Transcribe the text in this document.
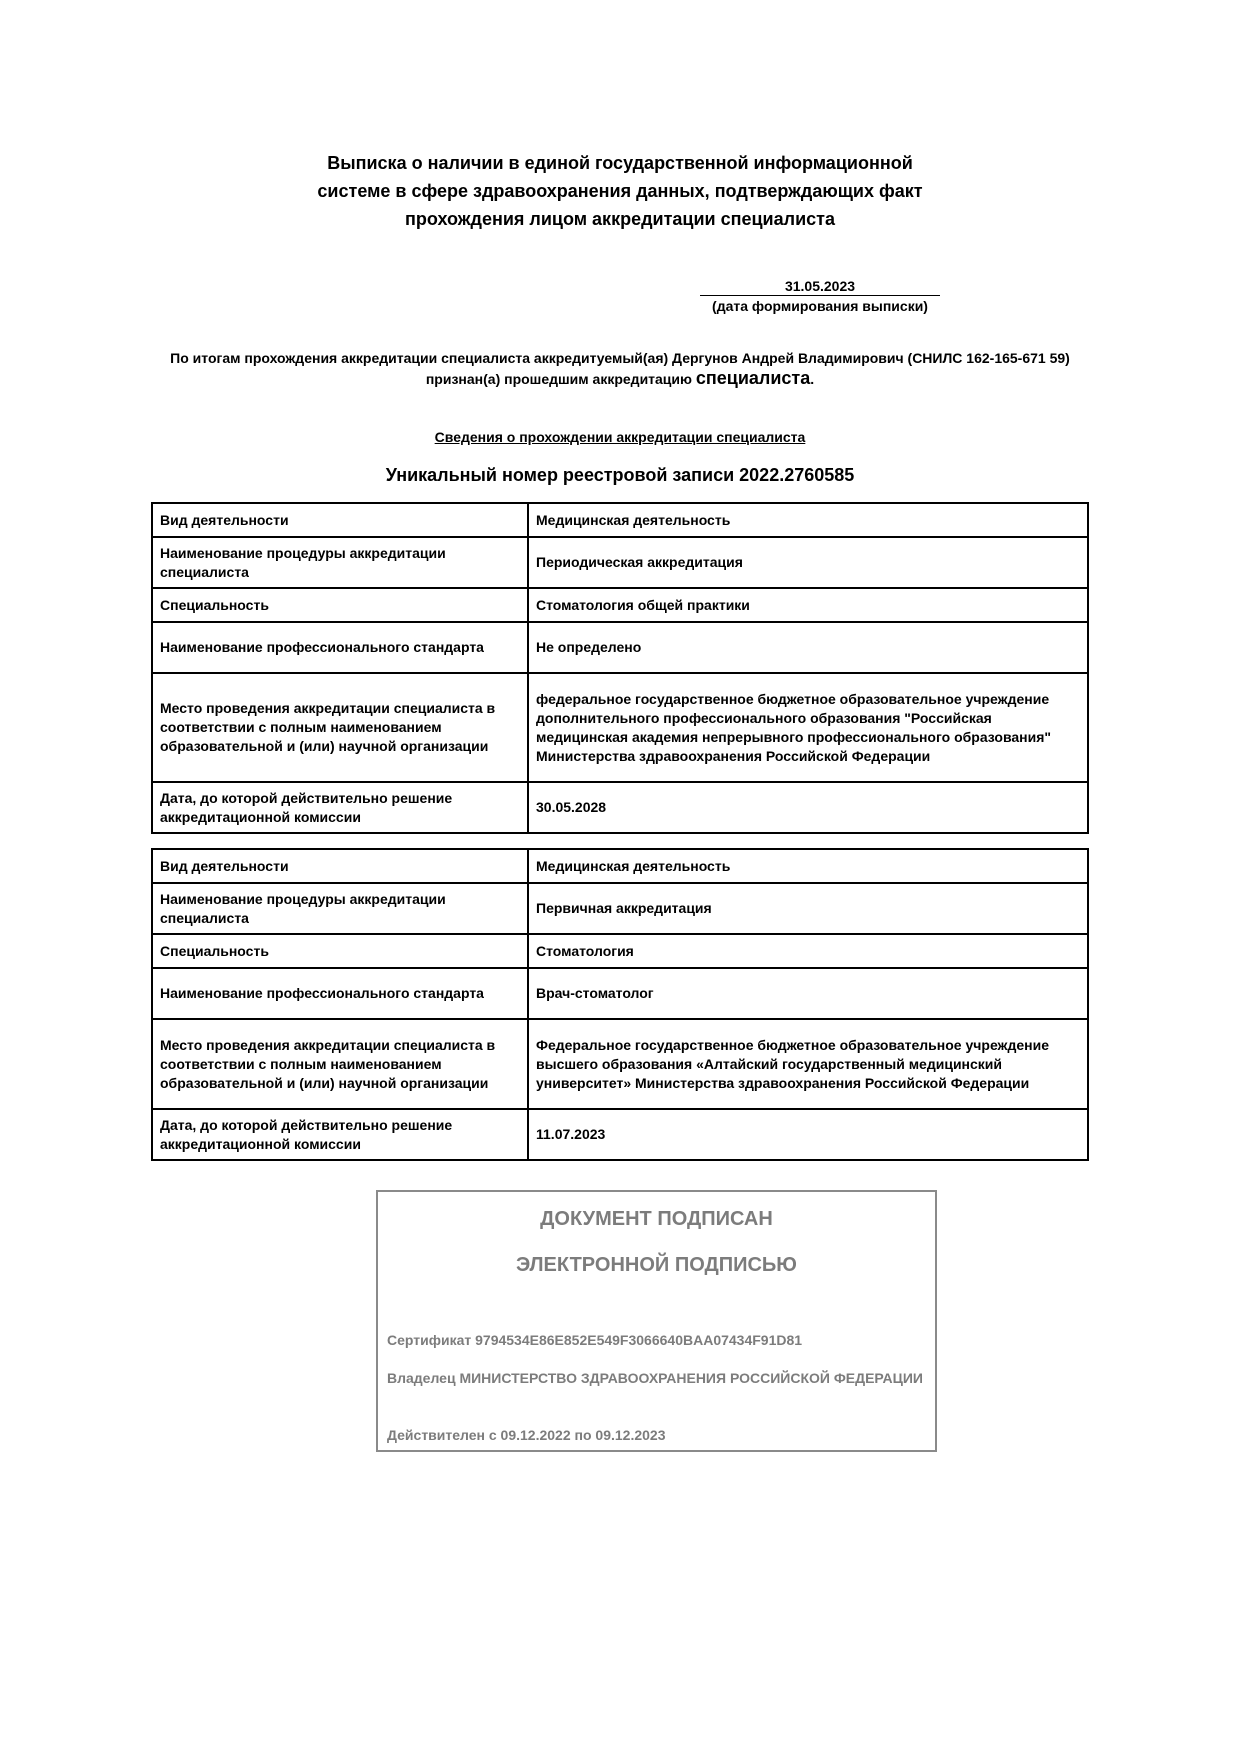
Выписка о наличии в единой государственной информационной
системе в сфере здравоохранения данных, подтверждающих факт
прохождения лицом аккредитации специалиста
31.05.2023
(дата формирования выписки)
По итогам прохождения аккредитации специалиста аккредитуемый(ая) Дергунов Андрей Владимирович (СНИЛС 162-165-671 59) признан(а) прошедшим аккредитацию специалиста.
Сведения о прохождении аккредитации специалиста
Уникальный номер реестровой записи 2022.2760585
Вид деятельности	Медицинская деятельность
Наименование процедуры аккредитации специалиста	Периодическая аккредитация
Специальность	Стоматология общей практики
Наименование профессионального стандарта	Не определено
Место проведения аккредитации специалиста в соответствии с полным наименованием образовательной и (или) научной организации	федеральное государственное бюджетное образовательное учреждение дополнительного профессионального образования "Российская медицинская академия непрерывного профессионального образования" Министерства здравоохранения Российской Федерации
Дата, до которой действительно решение аккредитационной комиссии	30.05.2028
Вид деятельности	Медицинская деятельность
Наименование процедуры аккредитации специалиста	Первичная аккредитация
Специальность	Стоматология
Наименование профессионального стандарта	Врач-стоматолог
Место проведения аккредитации специалиста в соответствии с полным наименованием образовательной и (или) научной организации	Федеральное государственное бюджетное образовательное учреждение высшего образования «Алтайский государственный медицинский университет» Министерства здравоохранения Российской Федерации
Дата, до которой действительно решение аккредитационной комиссии	11.07.2023
ДОКУМЕНТ ПОДПИСАН
ЭЛЕКТРОННОЙ ПОДПИСЬЮ
Сертификат 9794534E86E852E549F3066640BAA07434F91D81
Владелец МИНИСТЕРСТВО ЗДРАВООХРАНЕНИЯ РОССИЙСКОЙ ФЕДЕРАЦИИ
Действителен с 09.12.2022 по 09.12.2023
